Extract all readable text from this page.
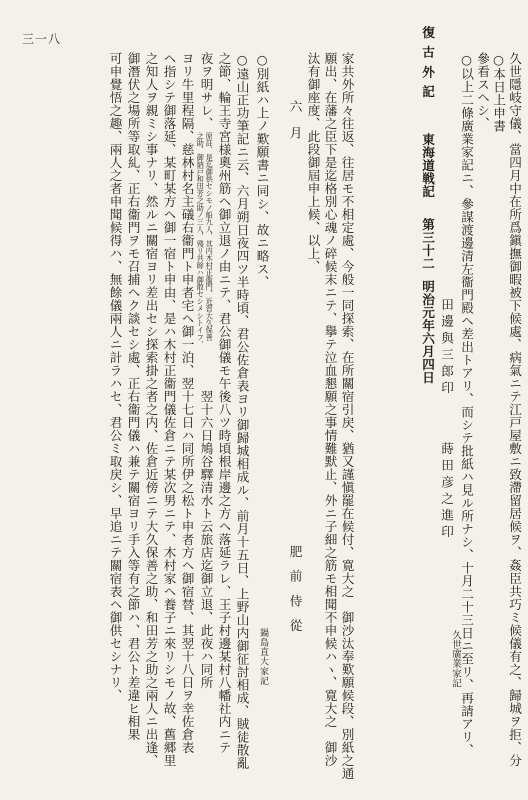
復古外記
東海道戦記
第三十二
明治元年六月四日
三一八
田邊與三郎印
蒔田彦之進印
久世廣業家記
○以上二條廣業家記ニ、參謀渡邊清左衞門殿ヘ差出トアリ、而シテ批紙ハ見ル所ナシ、十月二十三日ニ至リ、再請アリ、 參看スヘシ、 ○本日上申書 久世隱岐守儀、當四月中在所爲鎭撫御暇被下候處、病氣ニテ江戸屋敷ニ致滯留居候ヲ、姦臣共巧ミ候儀有之、歸城ヲ拒、分
家共外所々往返、往居モ不相定處、今般一同探索、在所關宿引戻、猶又謹愼罷在候付、寛大之　御沙汰奉歎願候段、別紙之通
願出、在藩之臣下是迄格別心魂ノ碎候末ニテ、擧テ泣血懇願之事情難默止、外ニ子細之筋モ相聞不申候ハヽ、寛大之　御沙
汰有御座度、此段御屆申上候、以上、
六月
肥前侍從
鍋島直大家記
○別紙ハ上ノ歎願書ニ同シ、故ニ略ス、
○遠山正功筆記ニ云、六月朔日夜四ツ半時頃、君公佐倉表ヨリ御歸城相成ル、前月十五日、上野山内御征討相成、賊徒散亂
之節、輪王寺宮様奧州筋ヘ御立退ノ由ニテ、君公御儀モ午後八ツ時頃根岸邊之方ヘ落延ラレ、王子村邊某村八幡社内ニテ
夜ヲ明サレ、
原註、是迄御供セシモノ船九人、其内木村正衞門、近習大久保善
之助、御納戸和田芳之助ノ三人、殘リ共餘ハ御散セシメシトイフ、
翌十六日鳩谷驛清水ト云旅店迄御立退、此夜ハ同所
ヨリ牛里程隔、慈林村名主礒右衞門ト申者宅ヘ御一泊、翌十七日ハ同所伊之松ト申者方ヘ御宿替、其翌十八日ヲ幸佐倉表
ヘ指シテ御落延、某町某方ヘ御一宿ト申由、是ハ木村正衞門儀佐倉ニテ某次男ニテ、木村家ヘ養子ニ來リシモノ故、舊郷里
之知人ヲ親ミシ事ナリ、然ルニ關宿ヨリ差出セシ探索掛之者之内、佐倉近傍ニテ大久保善之助、和田芳之助之兩人ニ出逢、
御潛伏之場所等取糺、正右衞門ヲモ召捕ヘク談セシ處、正右衞門儀ハ兼テ關宿ヨリ手入等有之節ハ、君公ト差違ヒ相果
可申覺悟之趣、兩人之者申聞候得ハ、無餘儀兩人ニ計ラハセ、君公ミ取戻シ、早追ニテ關宿表ヘ御供セシナリ、
